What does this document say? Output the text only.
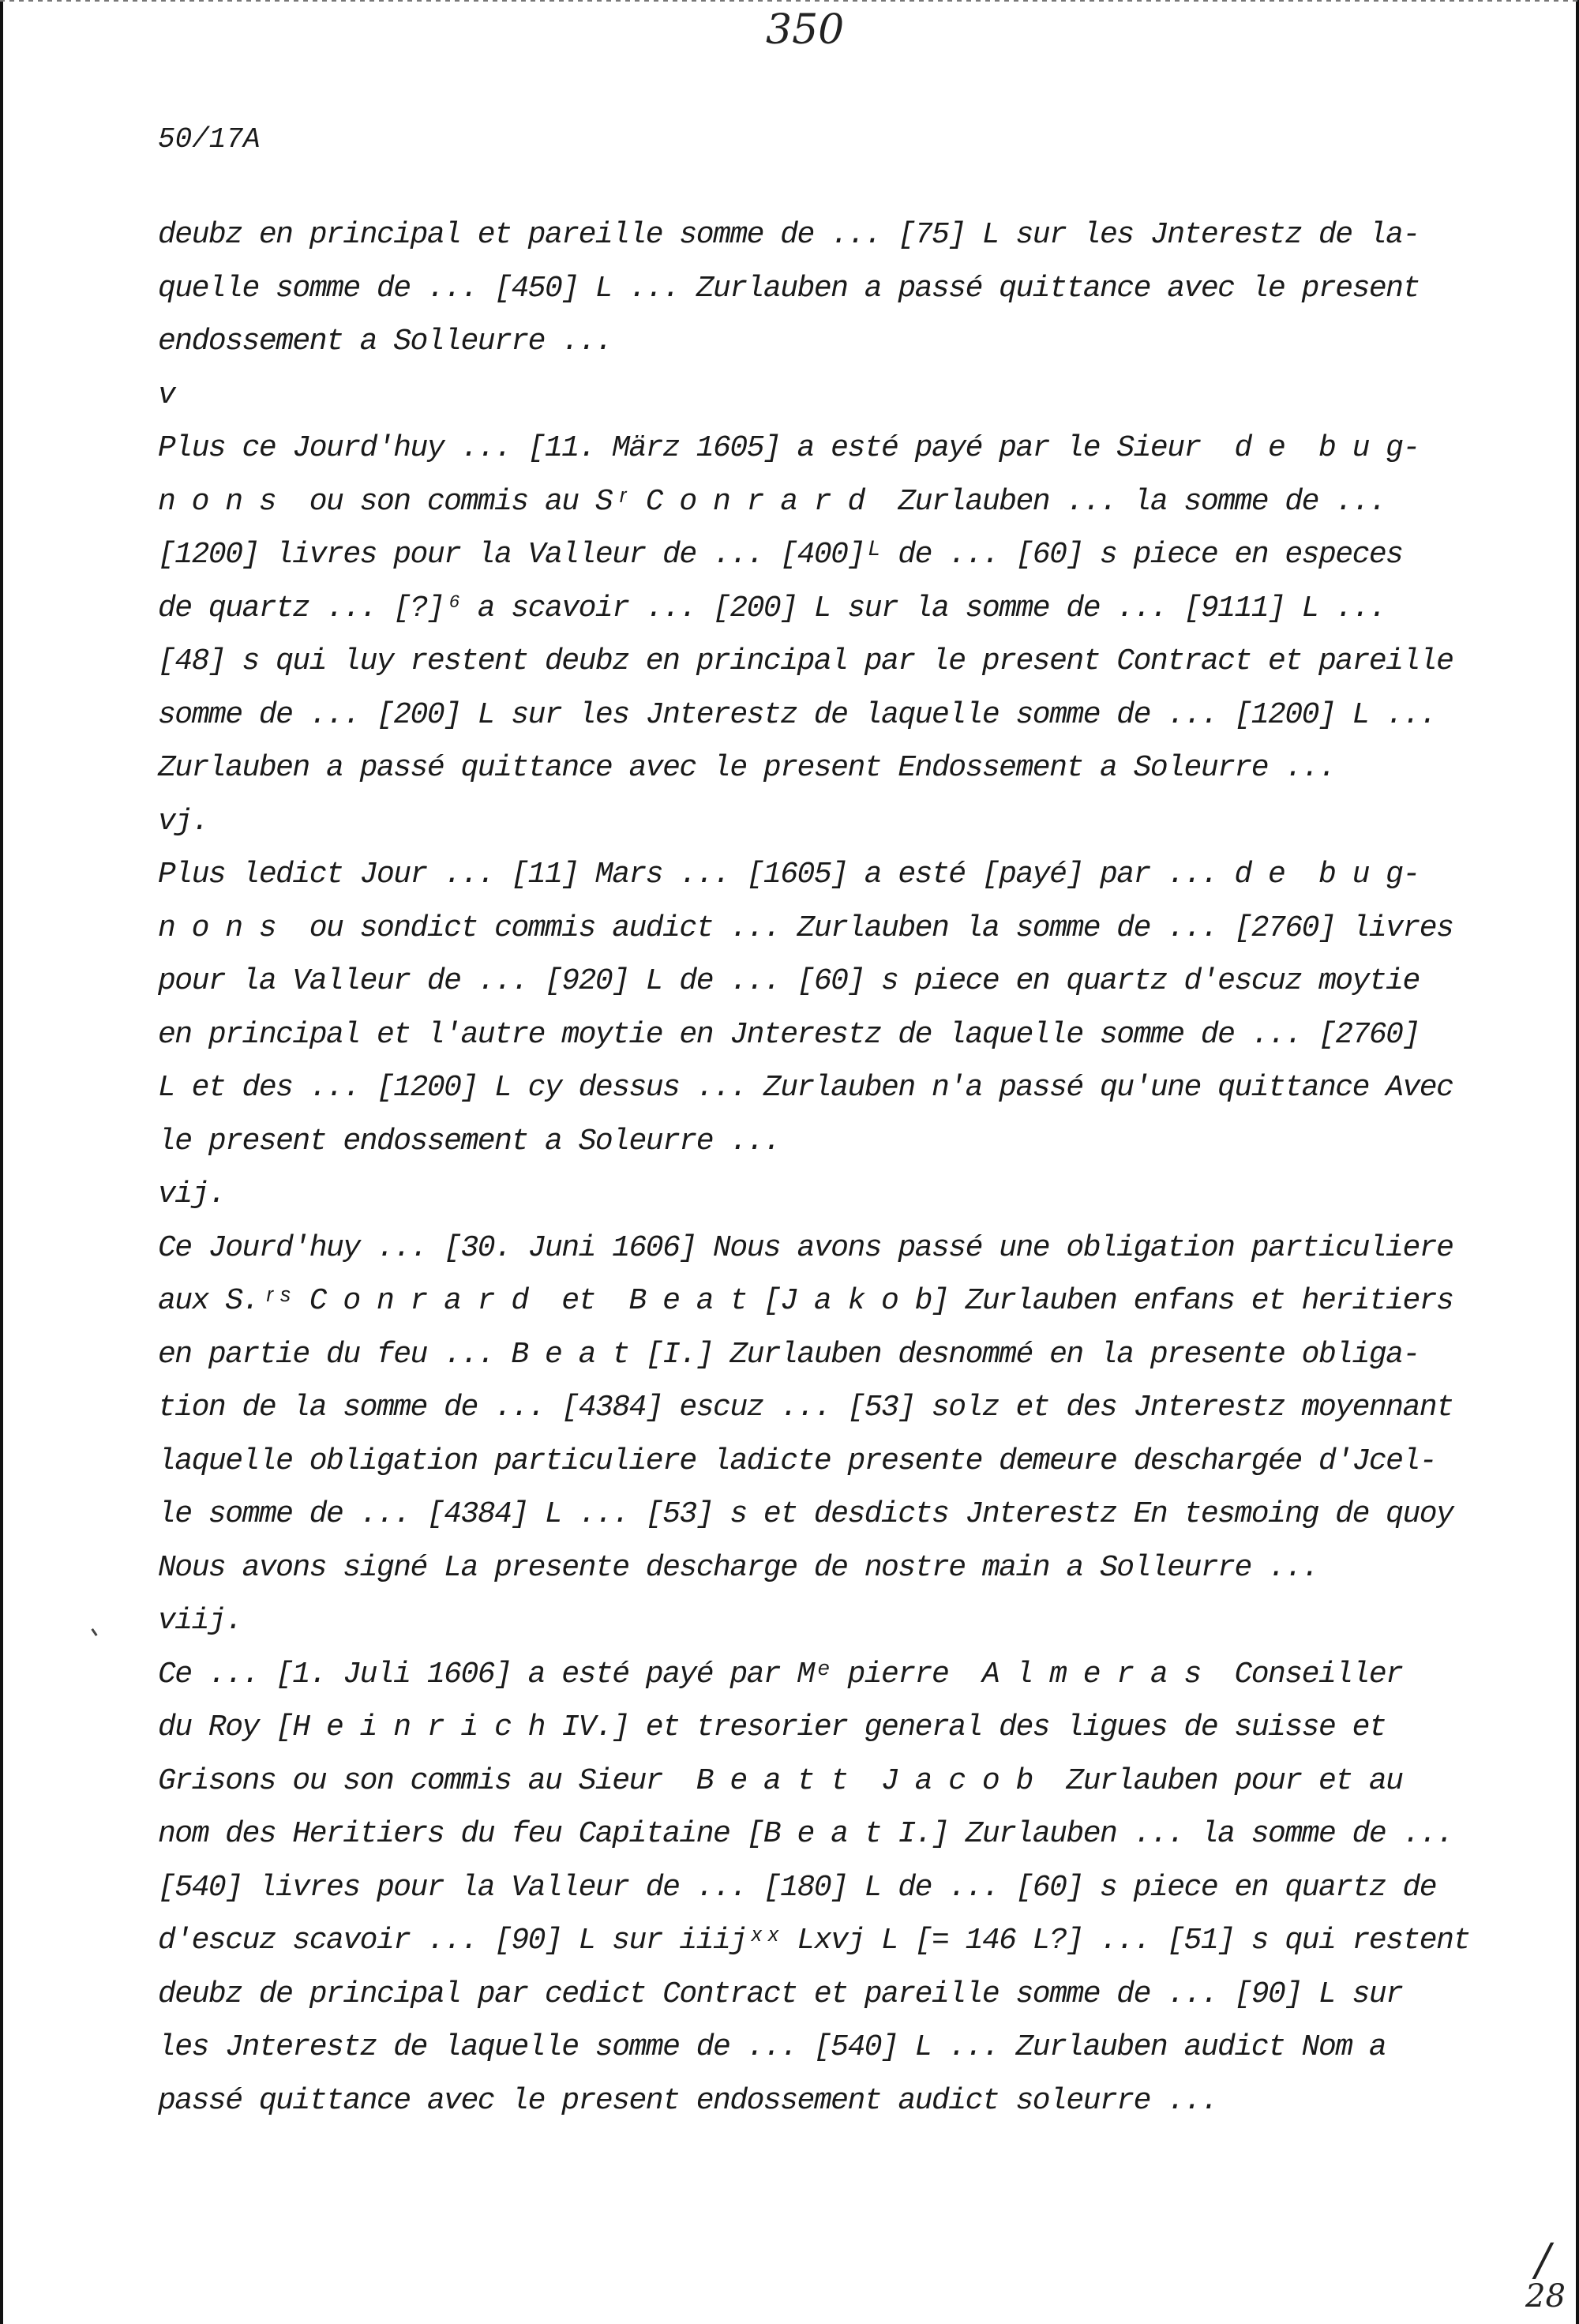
350
50/17A
deubz en principal et pareille somme de ... [75] L sur les Jnterestz de la-
quelle somme de ... [450] L ... Zurlauben a passé quittance avec le present
endossement a Solleurre ...
v
Plus ce Jourd'huy ... [11. März 1605] a esté payé par le Sieur  d e  b u g-
n o n s  ou son commis au Sʳ C o n r a r d  Zurlauben ... la somme de ...
[1200] livres pour la Valleur de ... [400]ᴸ de ... [60] s piece en especes
de quartz ... [?]⁶ a scavoir ... [200] L sur la somme de ... [9111] L ...
[48] s qui luy restent deubz en principal par le present Contract et pareille
somme de ... [200] L sur les Jnterestz de laquelle somme de ... [1200] L ...
Zurlauben a passé quittance avec le present Endossement a Soleurre ...
vj.
Plus ledict Jour ... [11] Mars ... [1605] a esté [payé] par ... d e  b u g-
n o n s  ou sondict commis audict ... Zurlauben la somme de ... [2760] livres
pour la Valleur de ... [920] L de ... [60] s piece en quartz d'escuz moytie
en principal et l'autre moytie en Jnterestz de laquelle somme de ... [2760]
L et des ... [1200] L cy dessus ... Zurlauben n'a passé qu'une quittance Avec
le present endossement a Soleurre ...
vij.
Ce Jourd'huy ... [30. Juni 1606] Nous avons passé une obligation particuliere
aux S.ʳˢ C o n r a r d  et  B e a t [J a k o b] Zurlauben enfans et heritiers
en partie du feu ... B e a t [I.] Zurlauben desnommé en la presente obliga-
tion de la somme de ... [4384] escuz ... [53] solz et des Jnterestz moyennant
laquelle obligation particuliere ladicte presente demeure deschargée d'Jcel-
le somme de ... [4384] L ... [53] s et desdicts Jnterestz En tesmoing de quoy
Nous avons signé La presente descharge de nostre main a Solleurre ...
viij.
Ce ... [1. Juli 1606] a esté payé par Mᵉ pierre  A l m e r a s  Conseiller
du Roy [H e i n r i c h IV.] et tresorier general des ligues de suisse et
Grisons ou son commis au Sieur  B e a t t  J a c o b  Zurlauben pour et au
nom des Heritiers du feu Capitaine [B e a t I.] Zurlauben ... la somme de ...
[540] livres pour la Valleur de ... [180] L de ... [60] s piece en quartz de
d'escuz scavoir ... [90] L sur iiijˣˣ Lxvj L [= 146 L?] ... [51] s qui restent
deubz de principal par cedict Contract et pareille somme de ... [90] L sur
les Jnterestz de laquelle somme de ... [540] L ... Zurlauben audict Nom a
passé quittance avec le present endossement audict soleurre ...
/
28
